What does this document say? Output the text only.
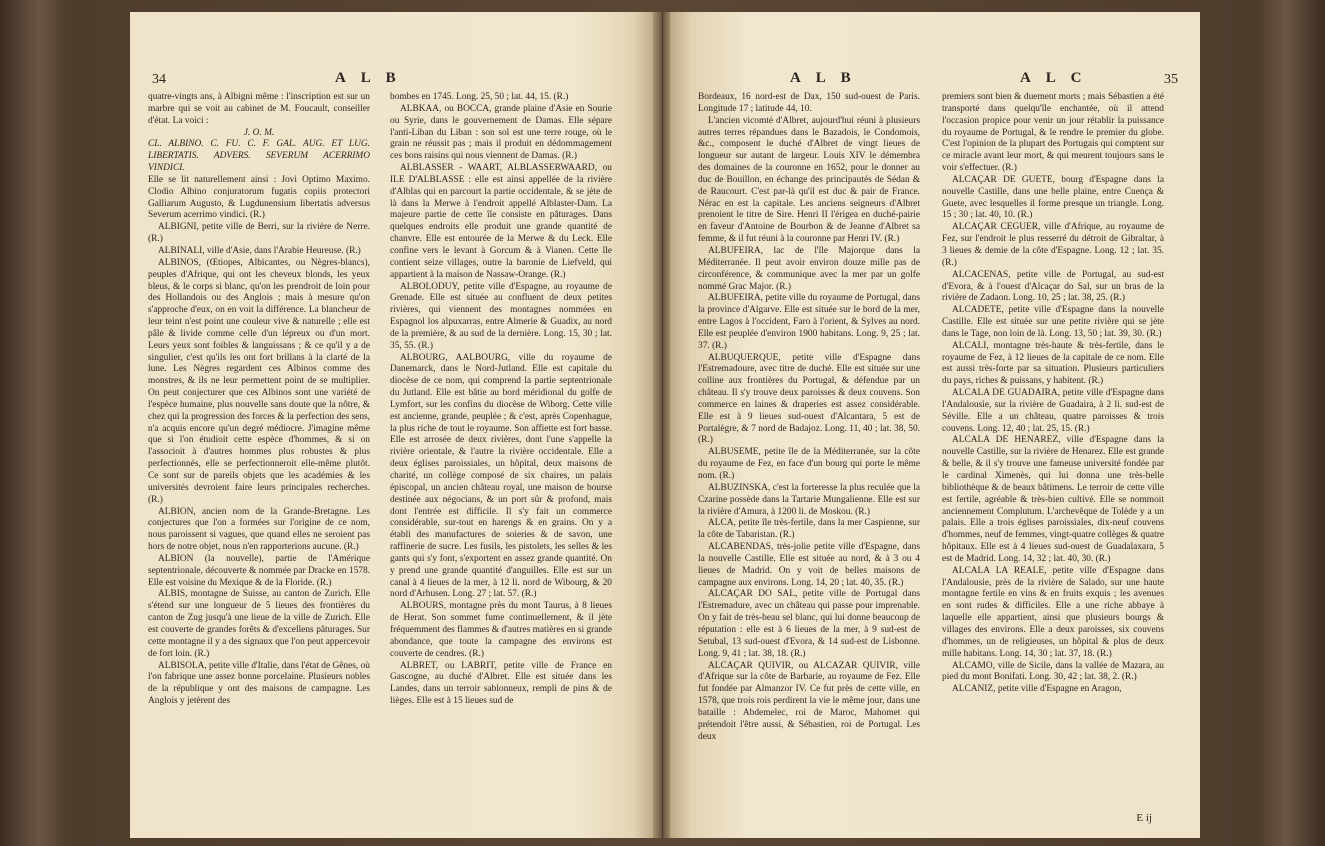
34	A L B

quatre-vingts ans, à Albigni même : l'inscription est sur un marbre qui se voit au cabinet de M. Foucault, conseiller d'état. La voici :

J. O. M.

CL. ALBINO. C. FU. C. F. GAL. AUG. ET LUG. LIBERTATIS. ADVERS. SEVERUM ACERRIMO VINDICI.

Elle se lit naturellement ainsi : Jovi Optimo Maximo. Clodio Albino conjuratorum fugatis copiis protectori Galliarum Augusto, & Lugdunensium libertatis adversus Severum acerrimo vindici. (R.)

ALBIGNI, petite ville de Berri, sur la rivière de Nerre. (R.)

ALBINALI, ville d'Asie, dans l'Arabie Heureuse. (R.)

ALBINOS, (Œtiopes, Albicantes, ou Nègres-blancs), peuples d'Afrique, qui ont les cheveux blonds, les yeux bleus, & le corps si blanc, qu'on les prendroit de loin pour des Hollandois ou des Anglois ; mais à mesure qu'on s'approche d'eux, on en voit la différence. La blancheur de leur teint n'est point une couleur vive & naturelle ; elle est pâle & livide comme celle d'un lépreux ou d'un mort. Leurs yeux sont foibles & languissans ; & ce qu'il y a de singulier, c'est qu'ils les ont fort brillans à la clarté de la lune. Les Nègres regardent ces Albinos comme des monstres, & ils ne leur permettent point de se multiplier. On peut conjecturer que ces Albinos sont une variété de l'espèce humaine, plus nouvelle sans doute que la nôtre, & chez qui la progression des forces & la perfection des sens, n'a acquis encore qu'un degré médiocre. J'imagine même que si l'on étudioit cette espèce d'hommes, & si on l'associoit à d'autres hommes plus robustes & plus perfectionnés, elle se perfectionneroit elle-même plutôt. Ce sont sur de pareils objets que les académies & les universités devroient faire leurs principales recherches. (R.)

ALBION, ancien nom de la Grande-Bretagne. Les conjectures que l'on a formées sur l'origine de ce nom, nous paroissent si vagues, que quand elles ne seroient pas hors de notre objet, nous n'en rapporterions aucune. (R.)

ALBION (la nouvelle), partie de l'Amérique septentrionale, découverte & nommée par Dracke en 1578. Elle est voisine du Mexique & de la Floride. (R.)

ALBIS, montagne de Suisse, au canton de Zurich. Elle s'étend sur une longueur de 5 lieues des frontières du canton de Zug jusqu'à une lieue de la ville de Zurich. Elle est couverte de grandes forêts & d'excellens pâturages. Sur cette montagne il y a des signaux que l'on peut appercevoir de fort loin. (R.)

ALBISOLA, petite ville d'Italie, dans l'état de Gênes, où l'on fabrique une assez bonne porcelaine. Plusieurs nobles de la république y ont des maisons de campagne. Les Anglois y jetèrent des

bombes en 1745. Long. 25, 50 ; lat. 44, 15. (R.)

ALBKAA, ou BOCCA, grande plaine d'Asie en Sourie ou Syrie, dans le gouvernement de Damas. Elle sépare l'anti-Liban du Liban : son sol est une terre rouge, où le grain ne réussit pas ; mais il produit en dédommagement ces bons raisins qui nous viennent de Damas. (R.)

ALBLASSER - WAART, ALBLASSERWAARD, ou ILE D'ALBLASSE : elle est ainsi appellée de la rivière d'Alblas qui en parcourt la partie occidentale, & se jète de là dans la Merwe à l'endroit appellé Alblaster-Dam. La majeure partie de cette île consiste en pâturages. Dans quelques endroits elle produit une grande quantité de chanvre. Elle est entourée de la Merwe & du Leck. Elle confine vers le levant à Gorcum & à Vianen. Cette île contient seize villages, outre la baronie de Liefveld, qui appartient à la maison de Nassaw-Orange. (R.)

ALBOLODUY, petite ville d'Espagne, au royaume de Grenade. Elle est située au confluent de deux petites rivières, qui viennent des montagnes nommées en Espagnol los alpuxarras, entre Almerie & Guadix, au nord de la première, & au sud de la dernière. Long. 15, 30 ; lat. 35, 55. (R.)

ALBOURG, AALBOURG, ville du royaume de Danemarck, dans le Nord-Jutland. Elle est capitale du diocèse de ce nom, qui comprend la partie septentrionale du Jutland. Elle est bâtie au bord méridional du golfe de Lymfort, sur les confins du diocèse de Wiborg. Cette ville est ancienne, grande, peuplée ; & c'est, après Copenhague, la plus riche de tout le royaume. Son affiette est fort basse. Elle est arrosée de deux rivières, dont l'une s'appelle la rivière orientale, & l'autre la rivière occidentale. Elle a deux églises paroissiales, un hôpital, deux maisons de charité, un collège composé de six chaires, un palais épiscopal, un ancien château royal, une maison de bourse destinée aux négocians, & un port sûr & profond, mais dont l'entrée est difficile. Il s'y fait un commerce considérable, sur-tout en harengs & en grains. On y a établi des manufactures de soieries & de savon, une raffinerie de sucre. Les fusils, les pistolets, les selles & les gants qui s'y font, s'exportent en assez grande quantité. On y prend une grande quantité d'anguilles. Elle est sur un canal à 4 lieues de la mer, à 12 li. nord de Wibourg, & 20 nord d'Arhusen. Long. 27 ; lat. 57. (R.)

ALBOURS, montagne près du mont Taurus, à 8 lieues de Herat. Son sommet fume continuellement, & il jète fréquemment des flammes & d'autres matières en si grande abondance, que toute la campagne des environs est couverte de cendres. (R.)

ALBRET, ou LABRIT, petite ville de France en Gascogne, au duché d'Albret. Elle est située dans les Landes, dans un terroir sablonneux, rempli de pins & de lièges. Elle est à 15 lieues sud de

A L B	A L C	35

Bordeaux, 16 nord-est de Dax, 150 sud-ouest de Paris. Longitude 17 ; latitude 44, 10.

L'ancien vicomté d'Albret, aujourd'hui réuni à plusieurs autres terres répandues dans le Bazadois, le Condomois, &c., composent le duché d'Albret de vingt lieues de longueur sur autant de largeur. Louis XIV le démembra des domaines de la couronne en 1652, pour le donner au duc de Bouillon, en échange des principautés de Sédan & de Raucourt. C'est par-là qu'il est duc & pair de France. Nérac en est la capitale. Les anciens seigneurs d'Albret prenoient le titre de Sire. Henri II l'érigea en duché-pairie en faveur d'Antoine de Bourbon & de Jeanne d'Albret sa femme, & il fut réuni à la couronne par Henri IV. (R.)

ALBUFEIRA, lac de l'île Majorque dans la Méditerranée. Il peut avoir environ douze mille pas de circonférence, & communique avec la mer par un golfe nommé Grac Major. (R.)

ALBUFEIRA, petite ville du royaume de Portugal, dans la province d'Algarve. Elle est située sur le bord de la mer, entre Lagos à l'occident, Faro à l'orient, & Sylves au nord. Elle est peuplée d'environ 1900 habitans. Long. 9, 25 ; lat. 37. (R.)

ALBUQUERQUE, petite ville d'Espagne dans l'Estremadoure, avec titre de duché. Elle est située sur une colline aux frontières du Portugal, & défendue par un château. Il s'y trouve deux paroisses & deux couvens. Son commerce en laines & draperies est assez considérable. Elle est à 9 lieues sud-ouest d'Alcantara, 5 est de Portalègre, & 7 nord de Badajoz. Long. 11, 40 ; lat. 38, 50. (R.)

ALBUSEME, petite île de la Méditerranée, sur la côte du royaume de Fez, en face d'un bourg qui porte le même nom. (R.)

ALBUZINSKA, c'est la forteresse la plus reculée que la Czarine possède dans la Tartarie Mungalienne. Elle est sur la rivière d'Amura, à 1200 li. de Moskou. (R.)

ALCA, petite île très-fertile, dans la mer Caspienne, sur la côte de Tabaristan. (R.)

ALCABENDAS, très-jolie petite ville d'Espagne, dans la nouvelle Castille. Elle est située au nord, & à 3 ou 4 lieues de Madrid. On y voit de belles maisons de campagne aux environs. Long. 14, 20 ; lat. 40, 35. (R.)

ALCAÇAR DO SAL, petite ville de Portugal dans l'Estremadure, avec un château qui passe pour imprenable. On y fait de très-beau sel blanc, qui lui donne beaucoup de réputation : elle est à 6 lieues de la mer, à 9 sud-est de Setubal, 13 sud-ouest d'Evora, & 14 sud-est de Lisbonne. Long. 9, 41 ; lat. 38, 18. (R.)

ALCAÇAR QUIVIR, ou ALCAZAR QUIVIR, ville d'Afrique sur la côte de Barbarie, au royaume de Fez. Elle fut fondée par Almanzor IV. Ce fut près de cette ville, en 1578, que trois rois perdirent la vie le même jour, dans une bataille : Abdemelec, roi de Maroc, Mahomet qui prétendoit l'être aussi, & Sébastien, roi de Portugal. Les deux

premiers sont bien & duement morts ; mais Sébastien a été transporté dans quelqu'île enchantée, où il attend l'occasion propice pour venir un jour rétablir la puissance du royaume de Portugal, & le rendre le premier du globe. C'est l'opinion de la plupart des Portugais qui comptent sur ce miracle avant leur mort, & qui meurent toujours sans le voir s'effectuer. (R.)

ALCAÇAR DE GUETE, bourg d'Espagne dans la nouvelle Castille, dans une belle plaine, entre Cuença & Guete, avec lesquelles il forme presque un triangle. Long. 15 ; 30 ; lat. 40, 10. (R.)

ALCAÇAR CEGUER, ville d'Afrique, au royaume de Fez, sur l'endroit le plus resserré du détroit de Gibraltar, à 3 lieues & demie de la côte d'Espagne. Long. 12 ; lat. 35. (R.)

ALCACENAS, petite ville de Portugal, au sud-est d'Evora, & à l'ouest d'Alcaçar do Sal, sur un bras de la rivière de Zadaon. Long. 10, 25 ; lat. 38, 25. (R.)

ALCADETE, petite ville d'Espagne dans la nouvelle Castille. Elle est située sur une petite rivière qui se jète dans le Tage, non loin de là. Long. 13, 50 ; lat. 39, 30. (R.)

ALCALI, montagne très-haute & très-fertile, dans le royaume de Fez, à 12 lieues de la capitale de ce nom. Elle est aussi très-forte par sa situation. Plusieurs particuliers du pays, riches & puissans, y habitent. (R.)

ALCALA DE GUADAIRA, petite ville d'Espagne dans l'Andalousie, sur la rivière de Guadaira, à 2 li. sud-est de Séville. Elle a un château, quatre paroisses & trois couvens. Long. 12, 40 ; lat. 25, 15. (R.)

ALCALA DE HENAREZ, ville d'Espagne dans la nouvelle Castille, sur la rivière de Henarez. Elle est grande & belle, & il s'y trouve une fameuse université fondée par le cardinal Ximenès, qui lui donna une très-belle bibliothèque & de beaux bâtimens. Le terroir de cette ville est fertile, agréable & très-bien cultivé. Elle se nommoit anciennement Complutum. L'archevêque de Tolède y a un palais. Elle a trois églises paroissiales, dix-neuf couvens d'hommes, neuf de femmes, vingt-quatre collèges & quatre hôpitaux. Elle est à 4 lieues sud-ouest de Guadalaxara, 5 est de Madrid. Long. 14, 32 ; lat. 40, 30. (R.)

ALCALA LA REALE, petite ville d'Espagne dans l'Andalousie, près de la rivière de Salado, sur une haute montagne fertile en vins & en fruits exquis ; les avenues en sont rudes & difficiles. Elle a une riche abbaye à laquelle elle appartient, ainsi que plusieurs bourgs & villages des environs. Elle a deux paroisses, six couvens d'hommes, un de religieuses, un hôpital & plus de deux mille habitans. Long. 14, 30 ; lat. 37, 18. (R.)

ALCAMO, ville de Sicile, dans la vallée de Mazara, au pied du mont Bonifati. Long. 30, 42 ; lat. 38, 2. (R.)

ALCANIZ, petite ville d'Espagne en Aragon,

E ij
